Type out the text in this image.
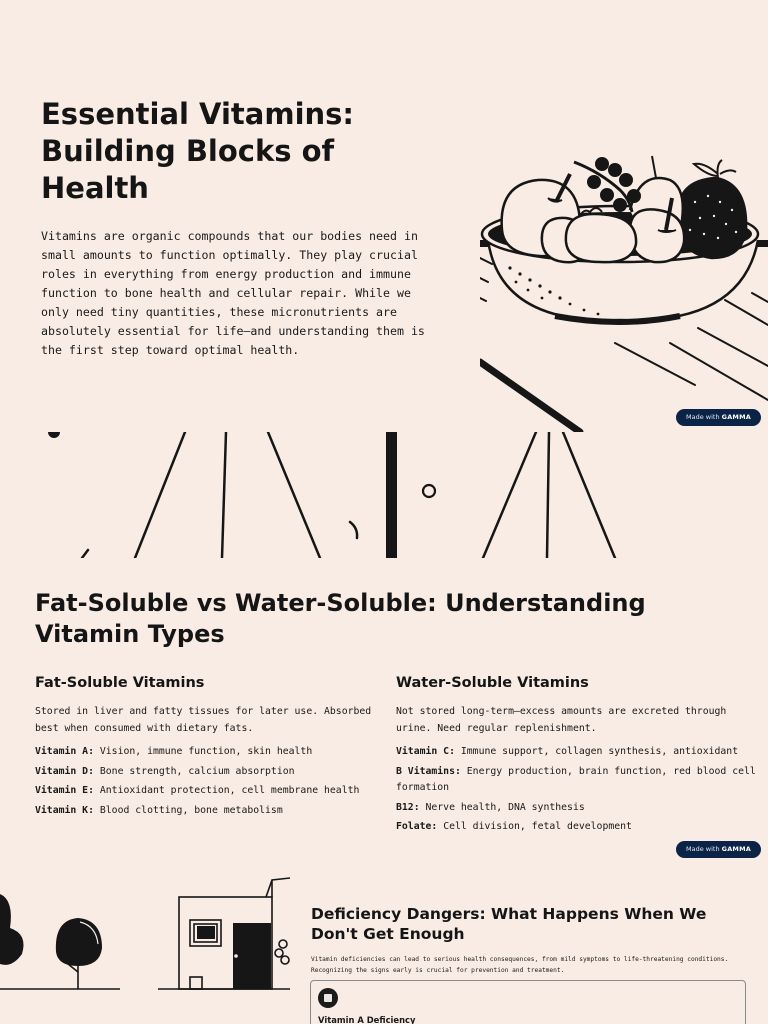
Essential Vitamins: Building Blocks of Health

Vitamins are organic compounds that our bodies need in small amounts to function optimally. They play crucial roles in everything from energy production and immune function to bone health and cellular repair. While we only need tiny quantities, these micronutrients are absolutely essential for life—and understanding them is the first step toward optimal health.

Made with GAMMA
Fat-Soluble vs Water-Soluble: Understanding Vitamin Types
Fat-Soluble Vitamins

Stored in liver and fatty tissues for later use. Absorbed best when consumed with dietary fats.

Vitamin A: Vision, immune function, skin health

Vitamin D: Bone strength, calcium absorption

Vitamin E: Antioxidant protection, cell membrane health

Vitamin K: Blood clotting, bone metabolism

Water-Soluble Vitamins

Not stored long-term—excess amounts are excreted through urine. Need regular replenishment.

Vitamin C: Immune support, collagen synthesis, antioxidant

B Vitamins: Energy production, brain function, red blood cell formation

B12: Nerve health, DNA synthesis

Folate: Cell division, fetal development

Made with GAMMA
Deficiency Dangers: What Happens When We Don't Get Enough

Vitamin deficiencies can lead to serious health consequences, from mild symptoms to life-threatening conditions. Recognizing the signs early is crucial for prevention and treatment.

Vitamin A Deficiency
